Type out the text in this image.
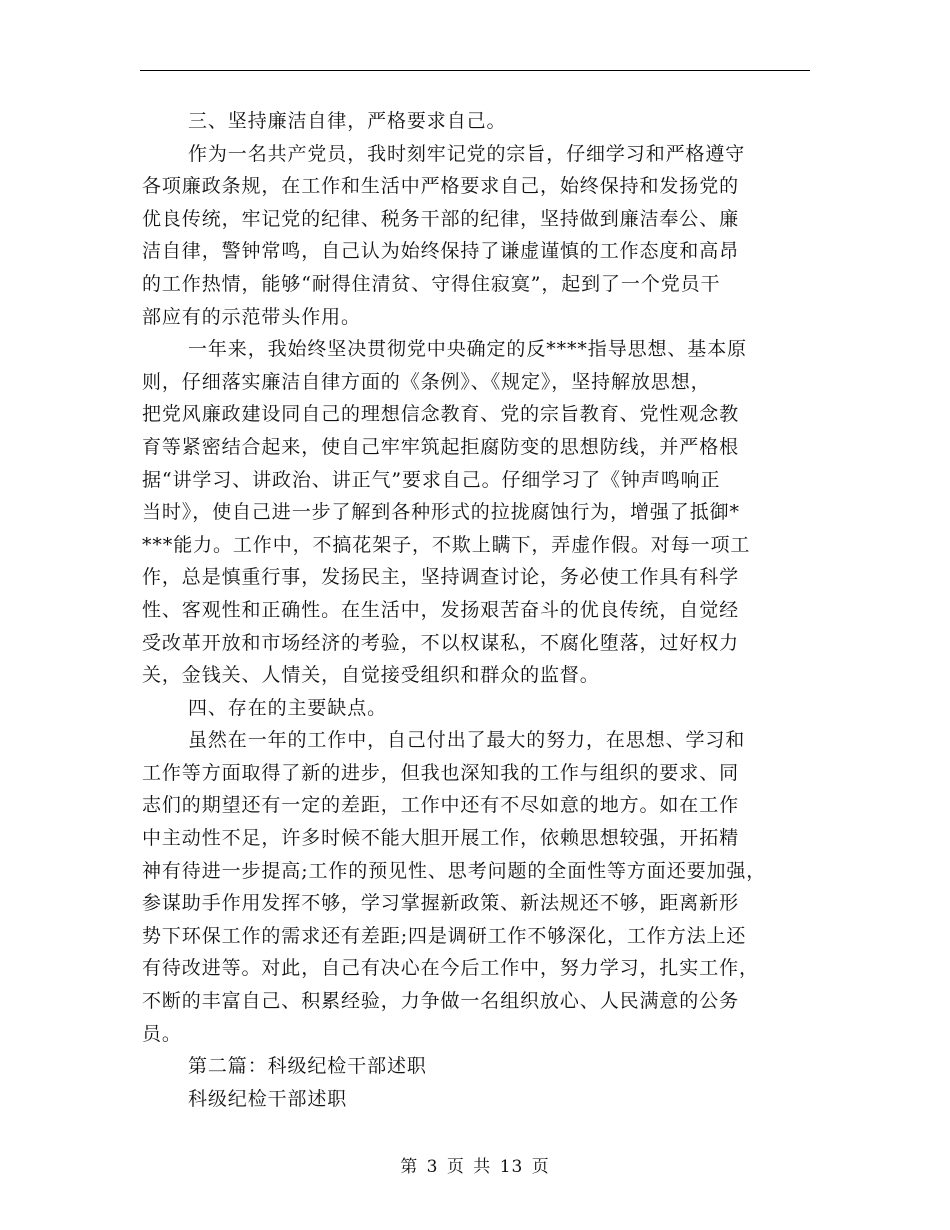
三、坚持廉洁自律，严格要求自己。
作为一名共产党员，我时刻牢记党的宗旨，仔细学习和严格遵守
各项廉政条规，在工作和生活中严格要求自己，始终保持和发扬党的
优良传统，牢记党的纪律、税务干部的纪律，坚持做到廉洁奉公、廉
洁自律，警钟常鸣，自己认为始终保持了谦虚谨慎的工作态度和高昂
的工作热情，能够“耐得住清贫、守得住寂寞”，起到了一个党员干
部应有的示范带头作用。
一年来，我始终坚决贯彻党中央确定的反****指导思想、基本原
则，仔细落实廉洁自律方面的《条例》、《规定》，坚持解放思想，
把党风廉政建设同自己的理想信念教育、党的宗旨教育、党性观念教
育等紧密结合起来，使自己牢牢筑起拒腐防变的思想防线，并严格根
据“讲学习、讲政治、讲正气”要求自己。仔细学习了《钟声鸣响正
当时》，使自己进一步了解到各种形式的拉拢腐蚀行为，增强了抵御*
***能力。工作中，不搞花架子，不欺上瞒下，弄虚作假。对每一项工
作，总是慎重行事，发扬民主，坚持调查讨论，务必使工作具有科学
性、客观性和正确性。在生活中，发扬艰苦奋斗的优良传统，自觉经
受改革开放和市场经济的考验，不以权谋私，不腐化堕落，过好权力
关，金钱关、人情关，自觉接受组织和群众的监督。
四、存在的主要缺点。
虽然在一年的工作中，自己付出了最大的努力，在思想、学习和
工作等方面取得了新的进步，但我也深知我的工作与组织的要求、同
志们的期望还有一定的差距，工作中还有不尽如意的地方。如在工作
中主动性不足，许多时候不能大胆开展工作，依赖思想较强，开拓精
神有待进一步提高;工作的预见性、思考问题的全面性等方面还要加强，
参谋助手作用发挥不够，学习掌握新政策、新法规还不够，距离新形
势下环保工作的需求还有差距;四是调研工作不够深化，工作方法上还
有待改进等。对此，自己有决心在今后工作中，努力学习，扎实工作，
不断的丰富自己、积累经验，力争做一名组织放心、人民满意的公务
员。
第二篇：科级纪检干部述职
科级纪检干部述职
第 3 页 共 13 页
